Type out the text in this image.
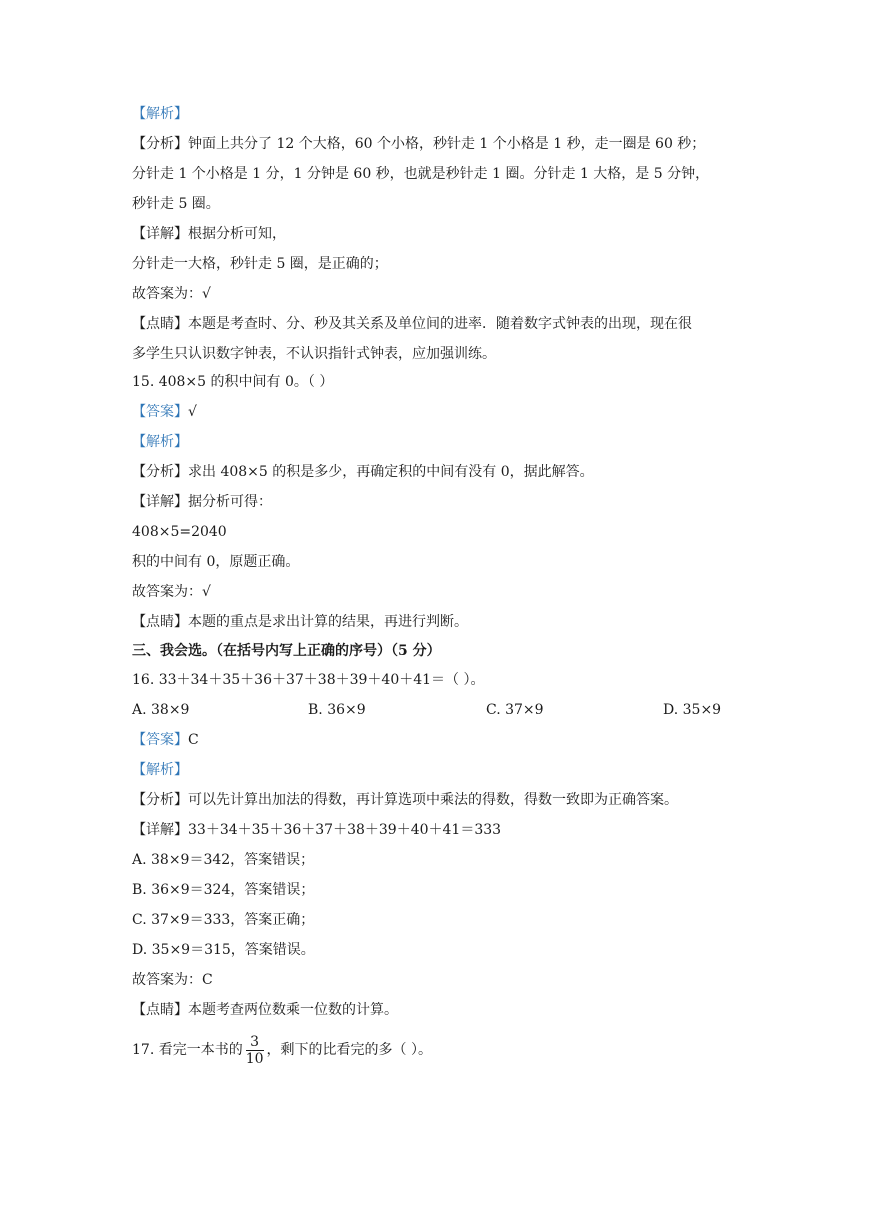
【解析】
【分析】钟面上共分了 12 个大格，60 个小格，秒针走 1 个小格是 1 秒，走一圈是 60 秒；
分针走 1 个小格是 1 分，1 分钟是 60 秒，也就是秒针走 1 圈。分针走 1 大格，是 5 分钟，
秒针走 5 圈。
【详解】根据分析可知，
分针走一大格，秒针走 5 圈，是正确的；
故答案为：√
【点睛】本题是考查时、分、秒及其关系及单位间的进率．随着数字式钟表的出现，现在很
多学生只认识数字钟表，不认识指针式钟表，应加强训练。
15. 408×5 的积中间有 0。（ ）
【答案】√
【解析】
【分析】求出 408×5 的积是多少，再确定积的中间有没有 0，据此解答。
【详解】据分析可得：
408×5=2040
积的中间有 0，原题正确。
故答案为：√
【点睛】本题的重点是求出计算的结果，再进行判断。
三、我会选。（在括号内写上正确的序号）（5 分）
16. 33＋34＋35＋36＋37＋38＋39＋40＋41＝（ ）。
A. 38×9	B. 36×9	C. 37×9	D. 35×9
【答案】C
【解析】
【分析】可以先计算出加法的得数，再计算选项中乘法的得数，得数一致即为正确答案。
【详解】33＋34＋35＋36＋37＋38＋39＋40＋41＝333
A. 38×9＝342，答案错误；
B. 36×9＝324，答案错误；
C. 37×9＝333，答案正确；
D. 35×9＝315，答案错误。
故答案为：C
【点睛】本题考查两位数乘一位数的计算。
17. 看完一本书的 $\frac{3}{10}$ ，剩下的比看完的多（ ）。
